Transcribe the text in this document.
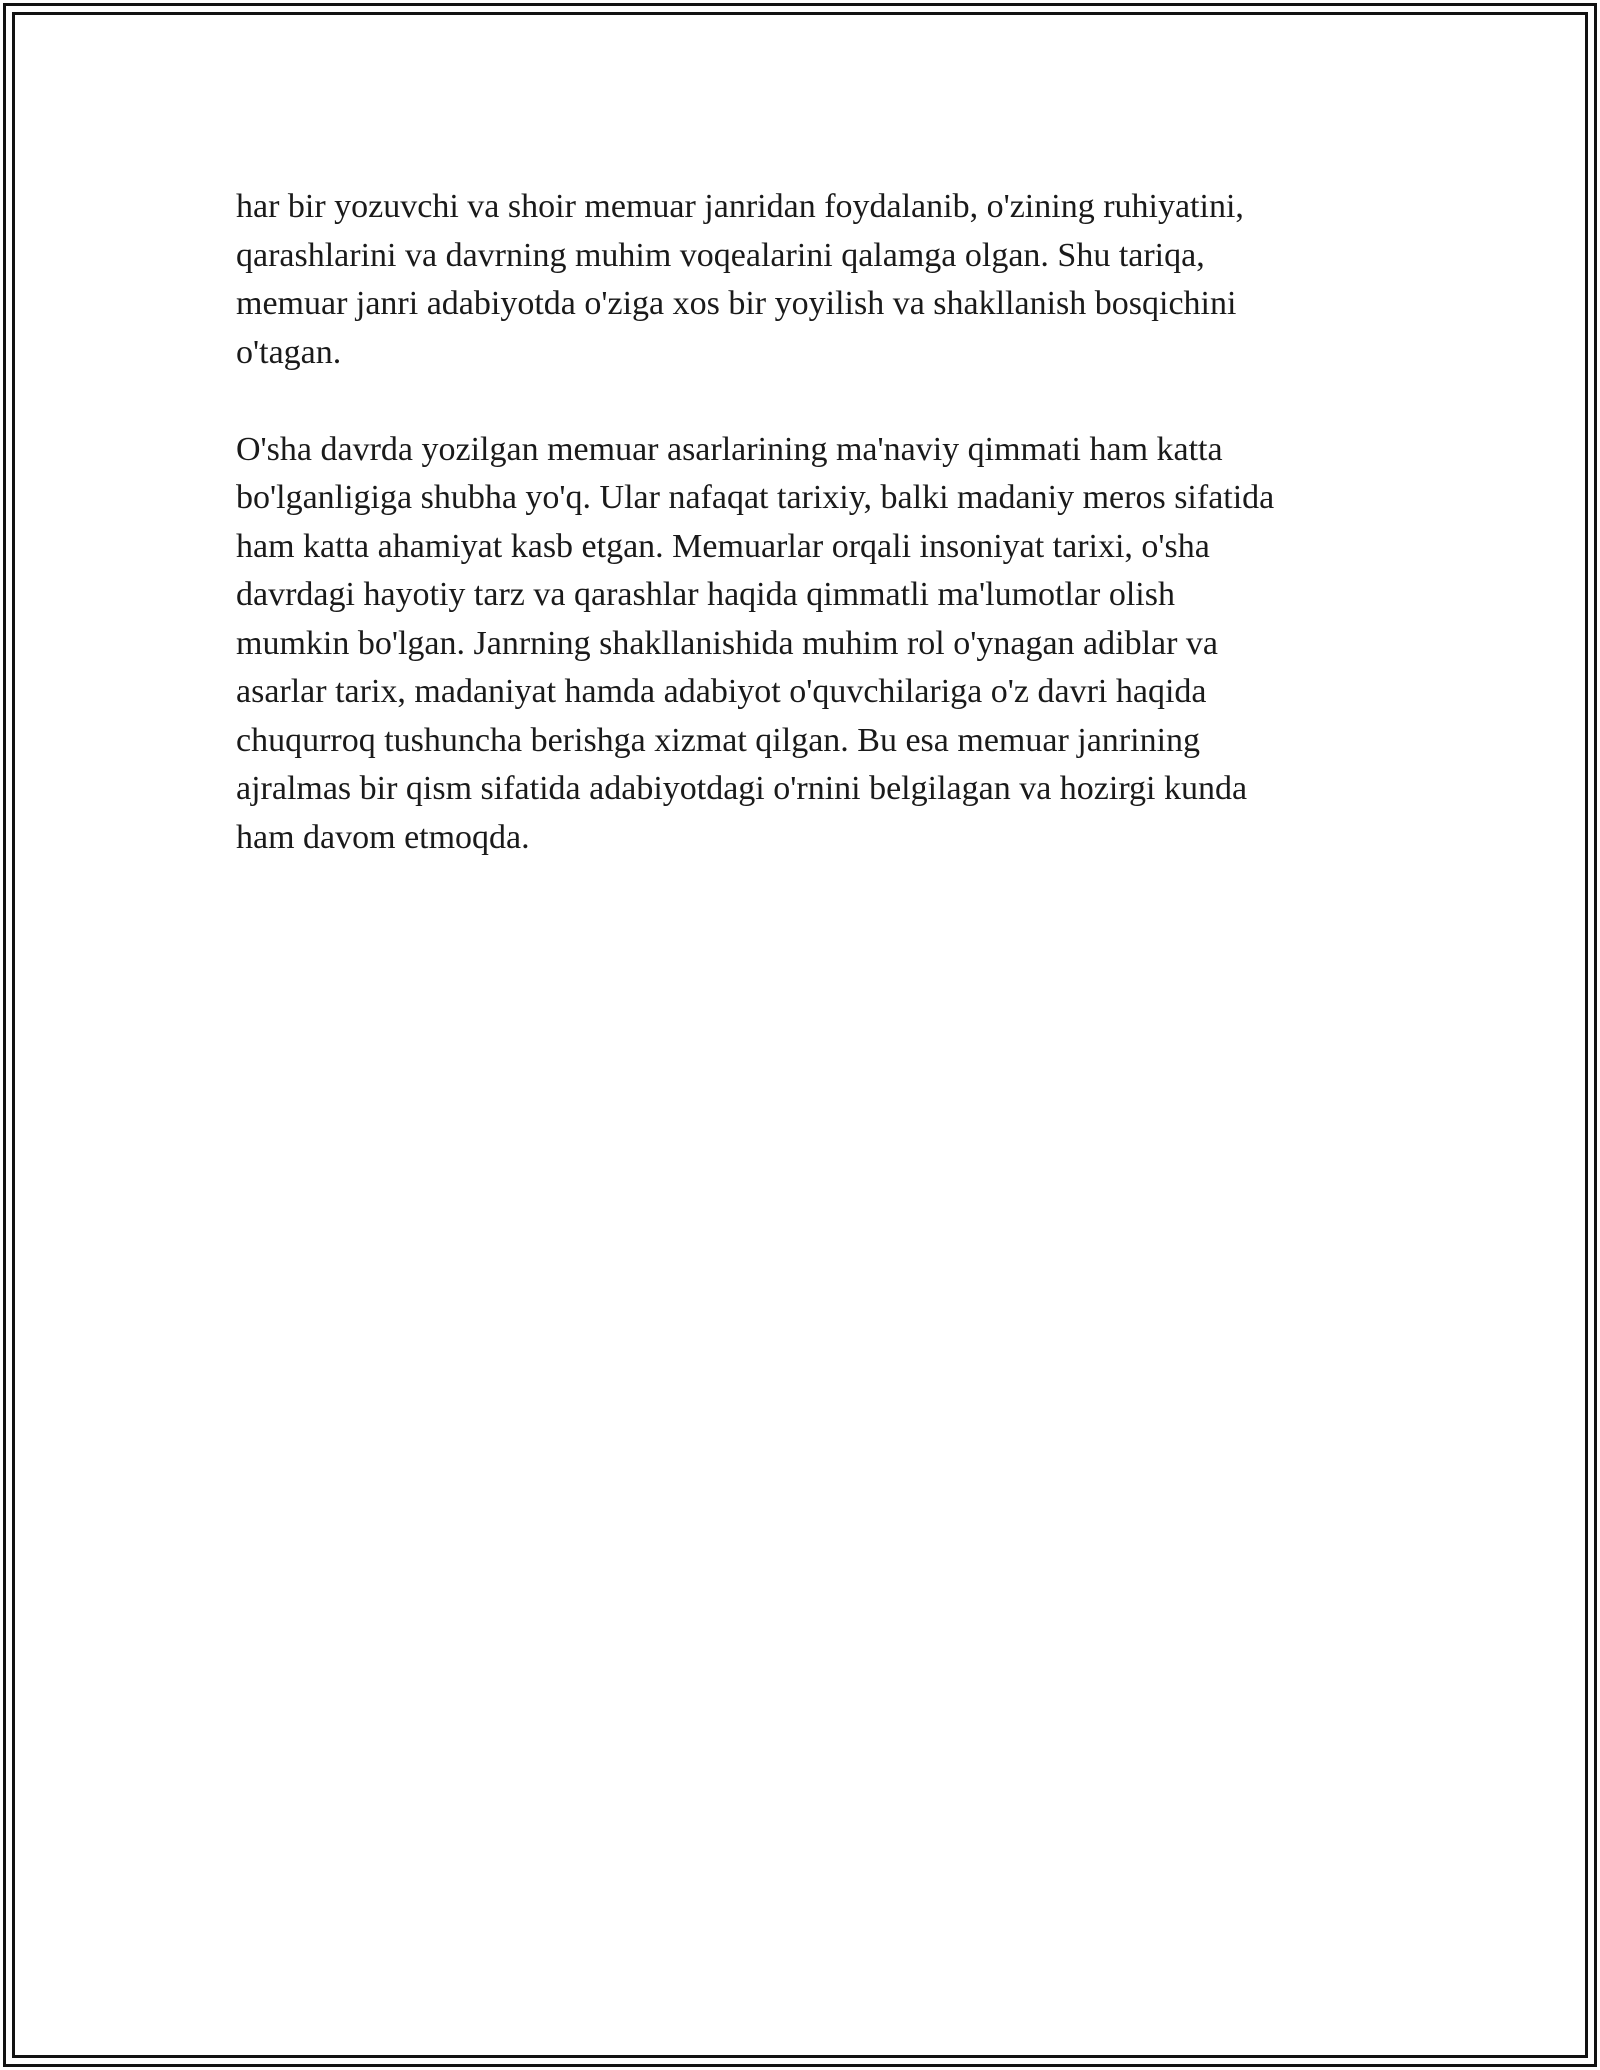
har bir yozuvchi va shoir memuar janridan foydalanib, o'zining ruhiyatini,
qarashlarini va davrning muhim voqealarini qalamga olgan. Shu tariqa,
memuar janri adabiyotda o'ziga xos bir yoyilish va shakllanish bosqichini
o'tagan.

O'sha davrda yozilgan memuar asarlarining ma'naviy qimmati ham katta
bo'lganligiga shubha yo'q. Ular nafaqat tarixiy, balki madaniy meros sifatida
ham katta ahamiyat kasb etgan. Memuarlar orqali insoniyat tarixi, o'sha
davrdagi hayotiy tarz va qarashlar haqida qimmatli ma'lumotlar olish
mumkin bo'lgan. Janrning shakllanishida muhim rol o'ynagan adiblar va
asarlar tarix, madaniyat hamda adabiyot o'quvchilariga o'z davri haqida
chuqurroq tushuncha berishga xizmat qilgan. Bu esa memuar janrining
ajralmas bir qism sifatida adabiyotdagi o'rnini belgilagan va hozirgi kunda
ham davom etmoqda.
